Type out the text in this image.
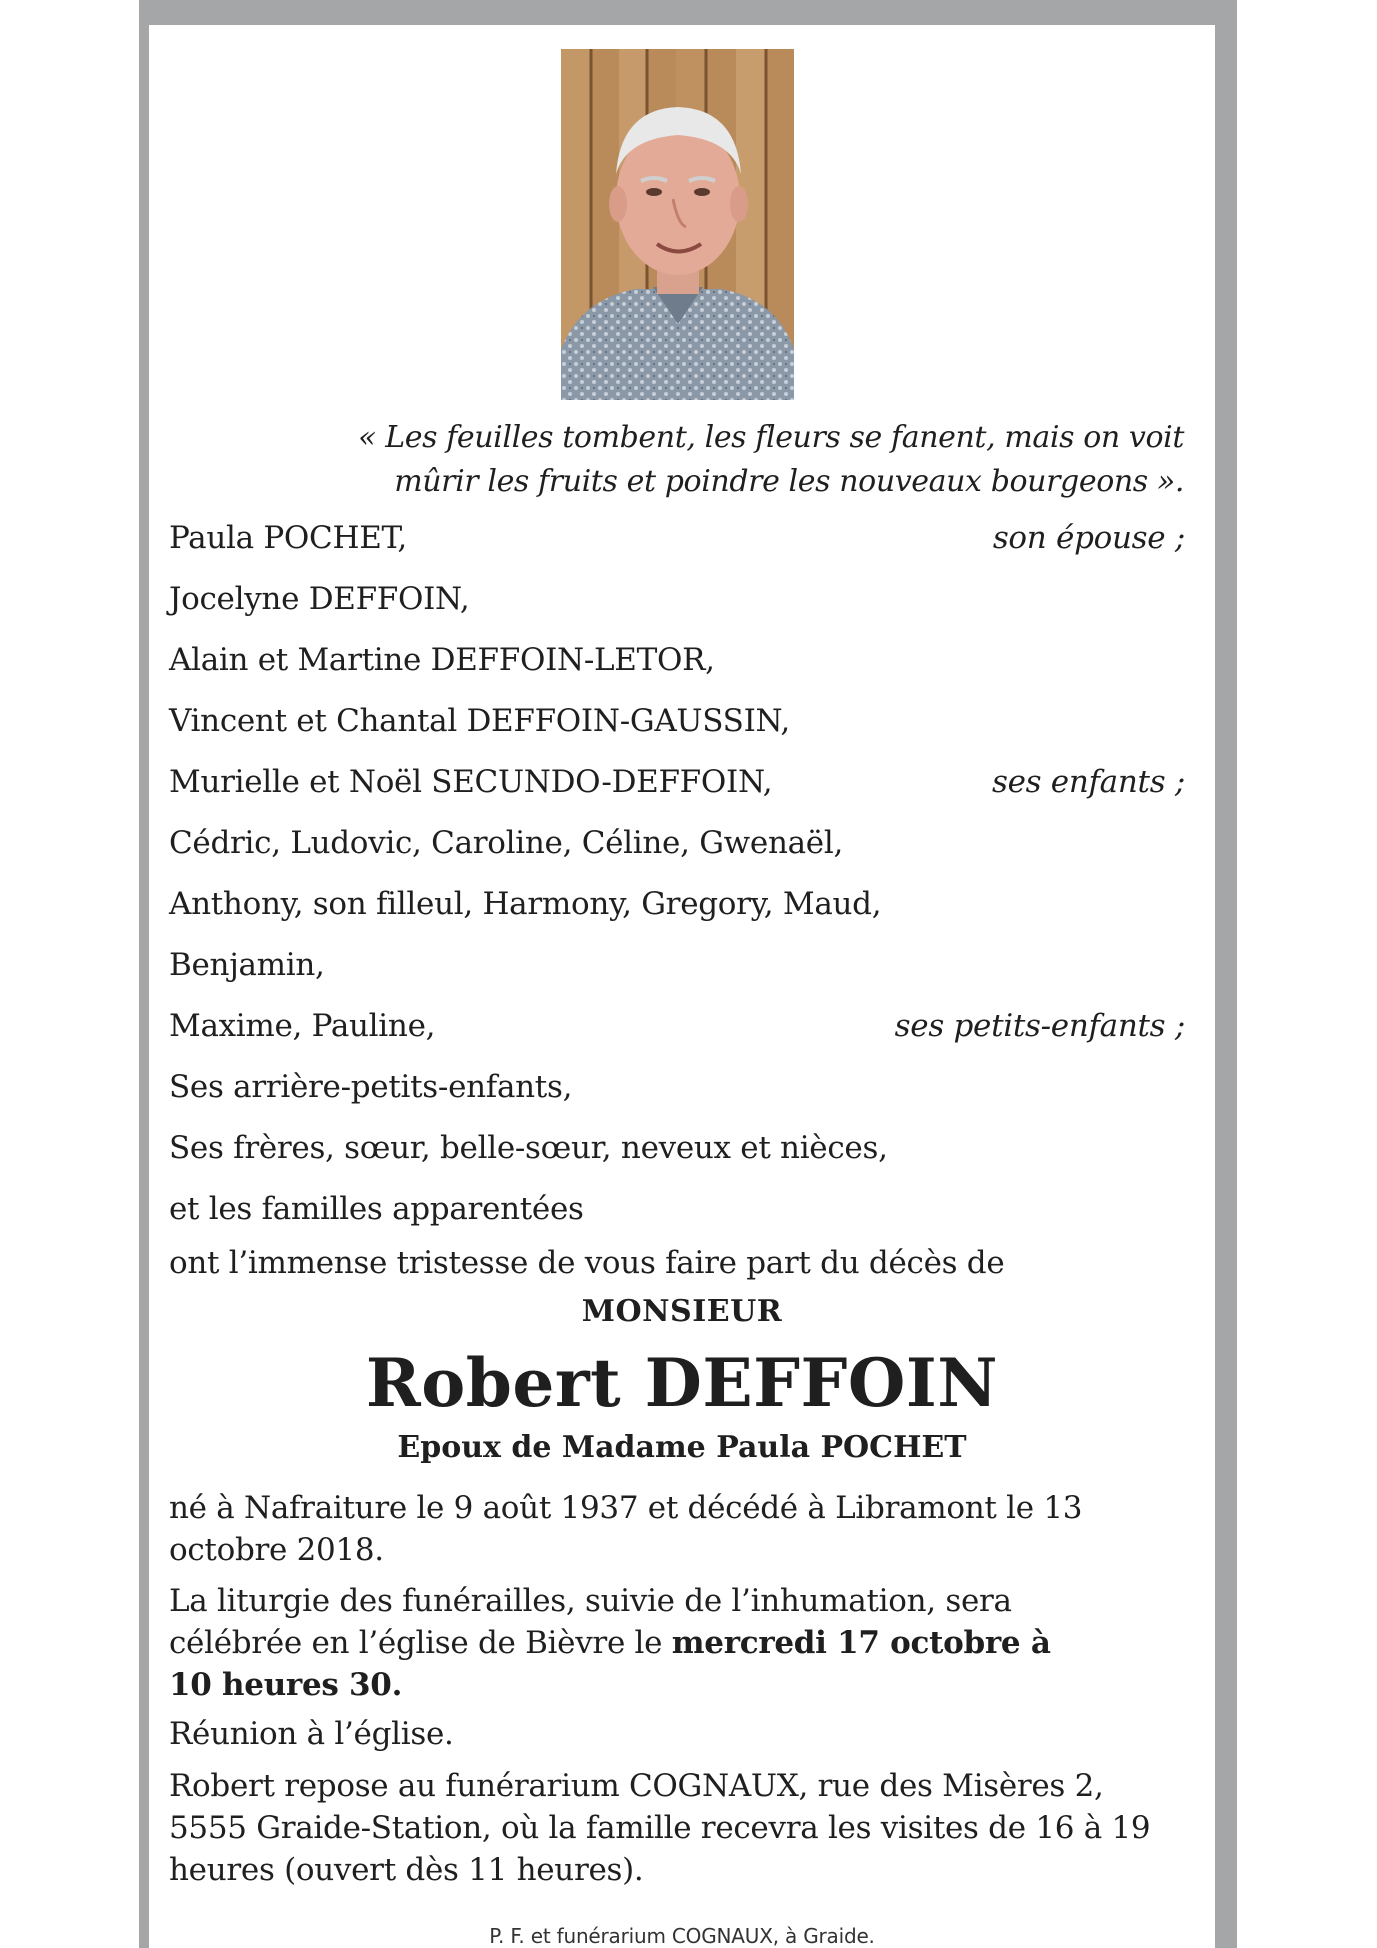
« Les feuilles tombent, les fleurs se fanent, mais on voit
mûrir les fruits et poindre les nouveaux bourgeons ».
Paula POCHET,	son épouse ;
Jocelyne DEFFOIN,
Alain et Martine DEFFOIN-LETOR,
Vincent et Chantal DEFFOIN-GAUSSIN,
Murielle et Noël SECUNDO-DEFFOIN,	ses enfants ;
Cédric, Ludovic, Caroline, Céline, Gwenaël,
Anthony, son filleul, Harmony, Gregory, Maud,
Benjamin,
Maxime, Pauline,	ses petits-enfants ;
Ses arrière-petits-enfants,
Ses frères, sœur, belle-sœur, neveux et nièces,
et les familles apparentées
ont l’immense tristesse de vous faire part du décès de
MONSIEUR
Robert DEFFOIN
Epoux de Madame Paula POCHET
né à Nafraiture le 9 août 1937 et décédé à Libramont le 13 octobre 2018.
La liturgie des funérailles, suivie de l’inhumation, sera célébrée en l’église de Bièvre le mercredi 17 octobre à 10 heures 30.
Réunion à l’église.
Robert repose au funérarium COGNAUX, rue des Misères 2, 5555 Graide-Station, où la famille recevra les visites de 16 à 19 heures (ouvert dès 11 heures).
P. F. et funérarium COGNAUX, à Graide.
